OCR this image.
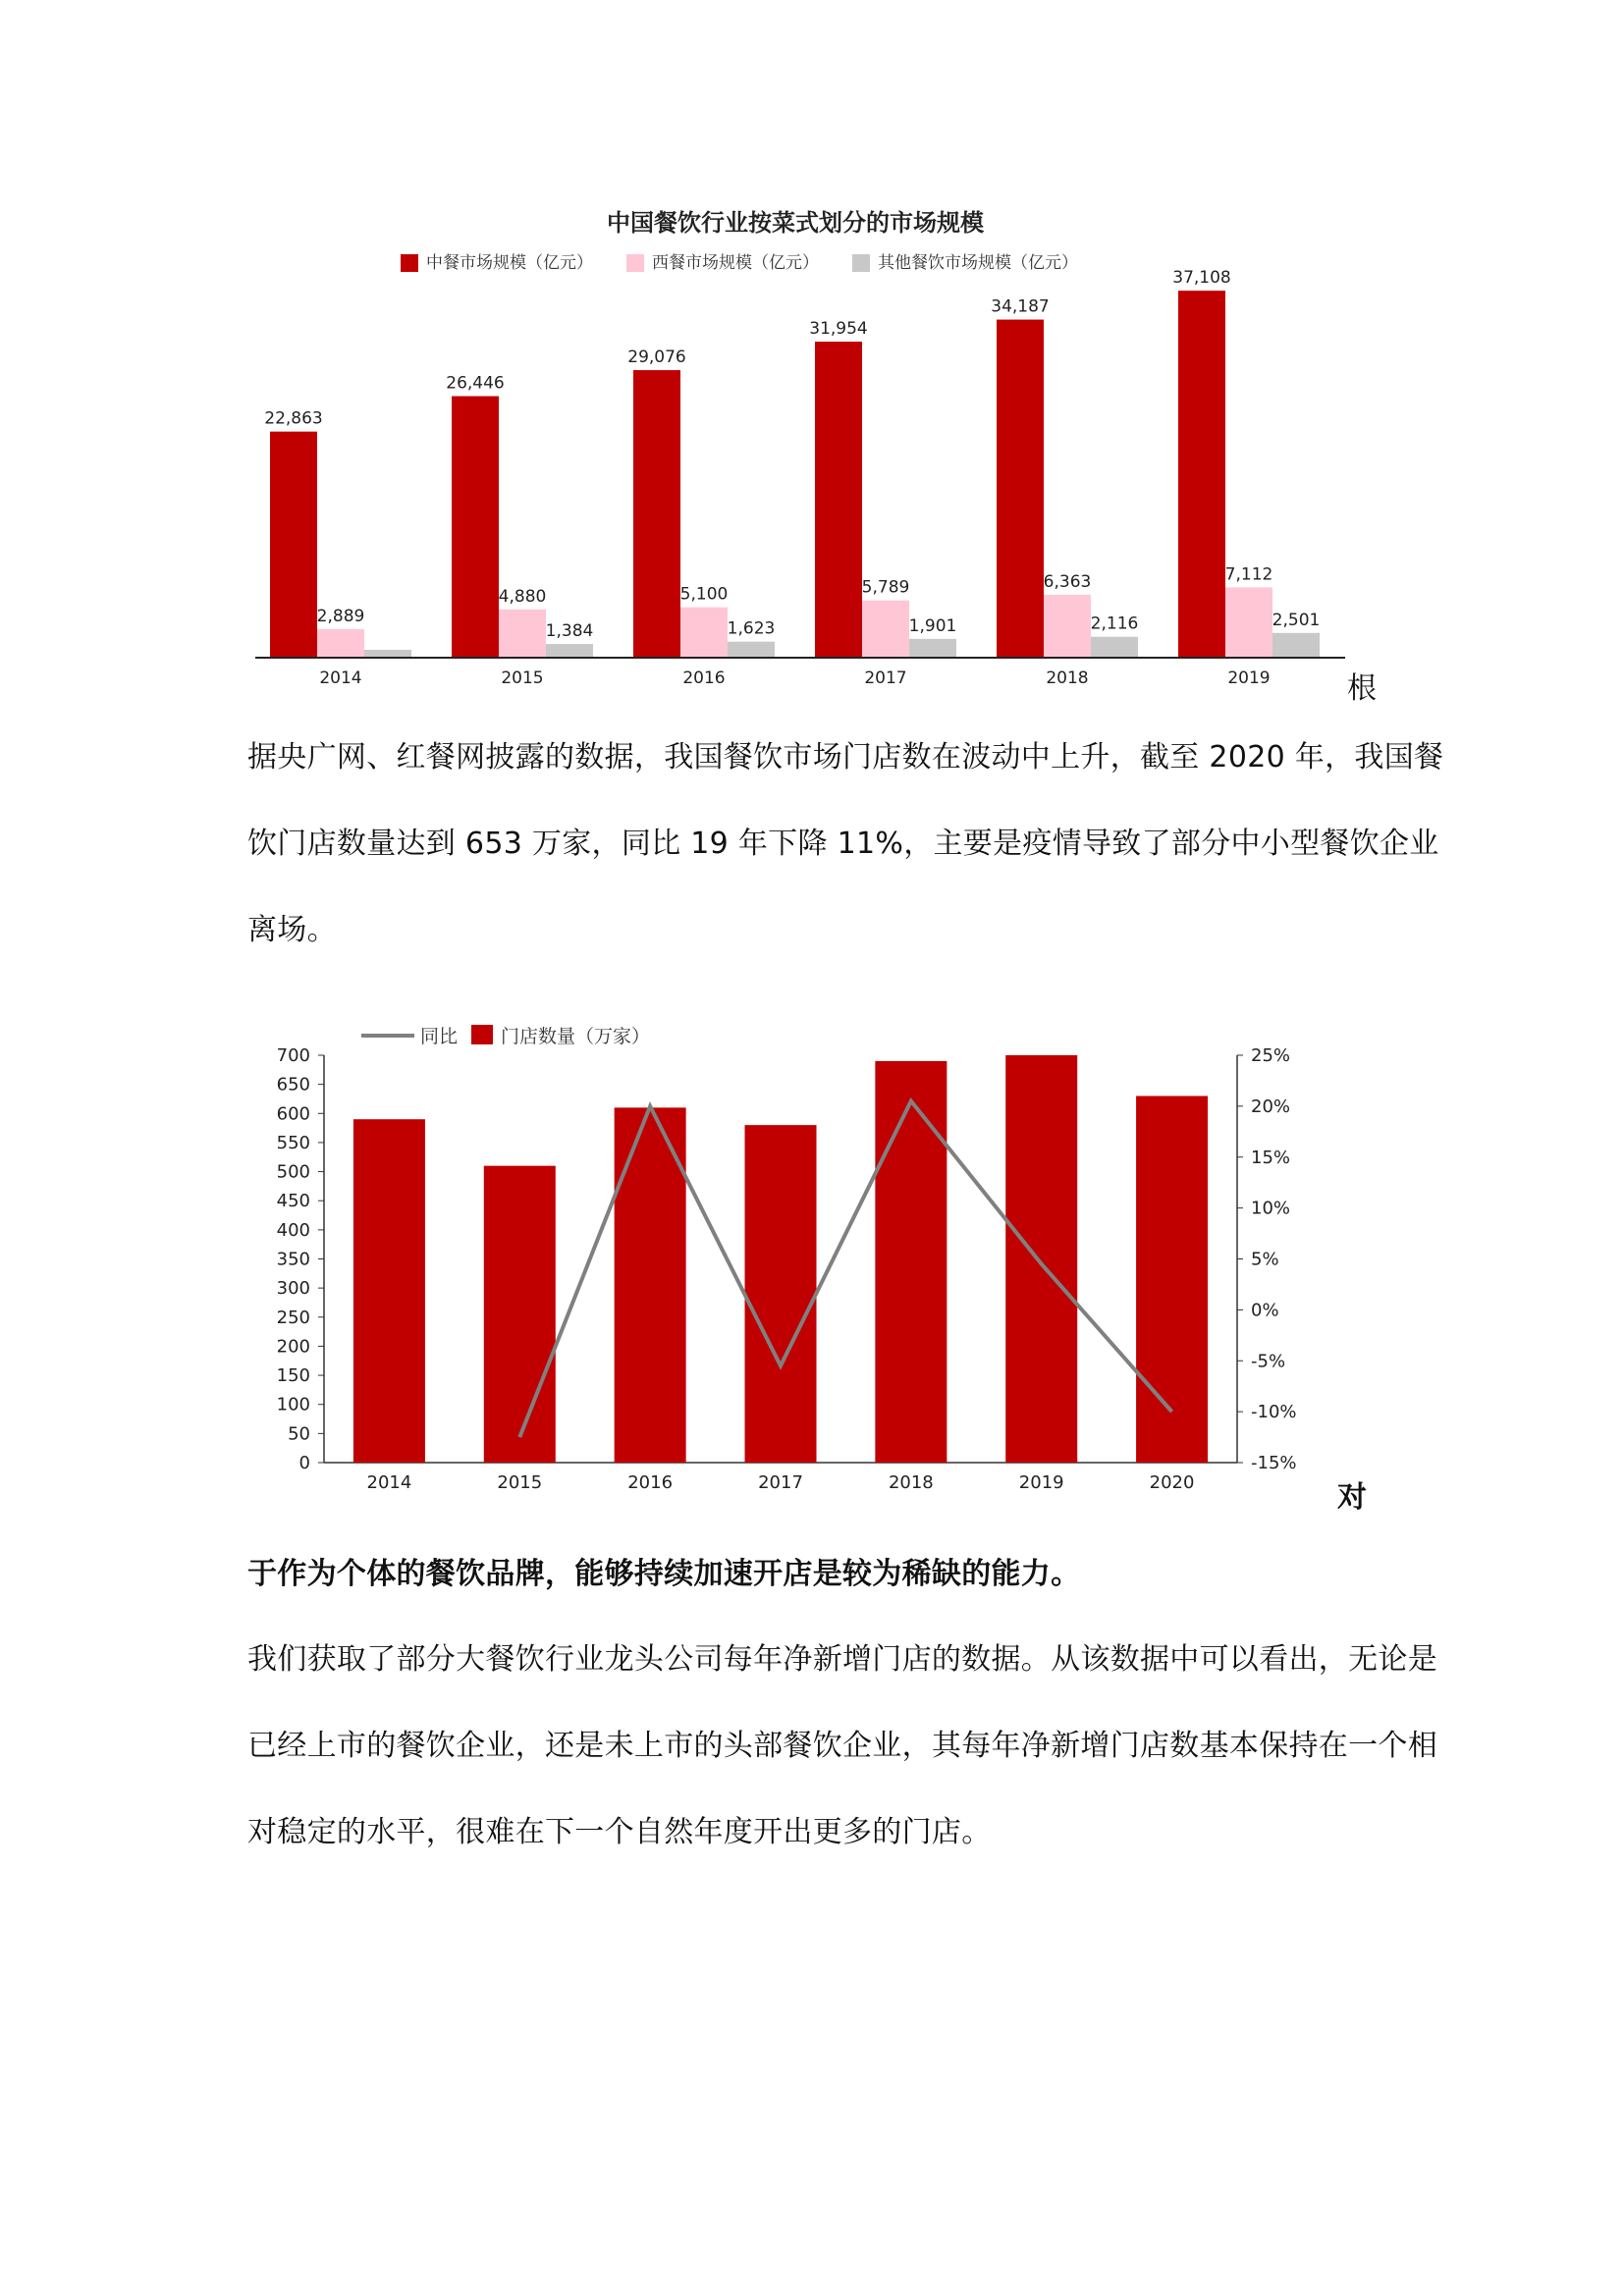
中国餐饮行业按菜式划分的市场规模
中餐市场规模（亿元）	西餐市场规模（亿元）	其他餐饮市场规模（亿元）
22,863
2,889
2014
26,446
4,880
1,384
2015
29,076
5,100
1,623
2016
31,954
5,789
1,901
2017
34,187
6,363
2,116
2018
37,108
7,112
2,501
2019	根
据央广网、红餐网披露的数据，我国餐饮市场门店数在波动中上升，截至 2020 年，我国餐
饮门店数量达到 653 万家，同比 19 年下降 11%，主要是疫情导致了部分中小型餐饮企业
离场。
同比 门店数量（万家）
0
50
100
150
200
250
300
350
400
450
500
550
600
650
700
-15%
-10%
-5%
0%
5%
10%
15%
20%
25%
2014	2015	2016	2017	2018	2019	2020	对
于作为个体的餐饮品牌，能够持续加速开店是较为稀缺的能力。
我们获取了部分大餐饮行业龙头公司每年净新增门店的数据。从该数据中可以看出，无论是
已经上市的餐饮企业，还是未上市的头部餐饮企业，其每年净新增门店数基本保持在一个相
对稳定的水平，很难在下一个自然年度开出更多的门店。
